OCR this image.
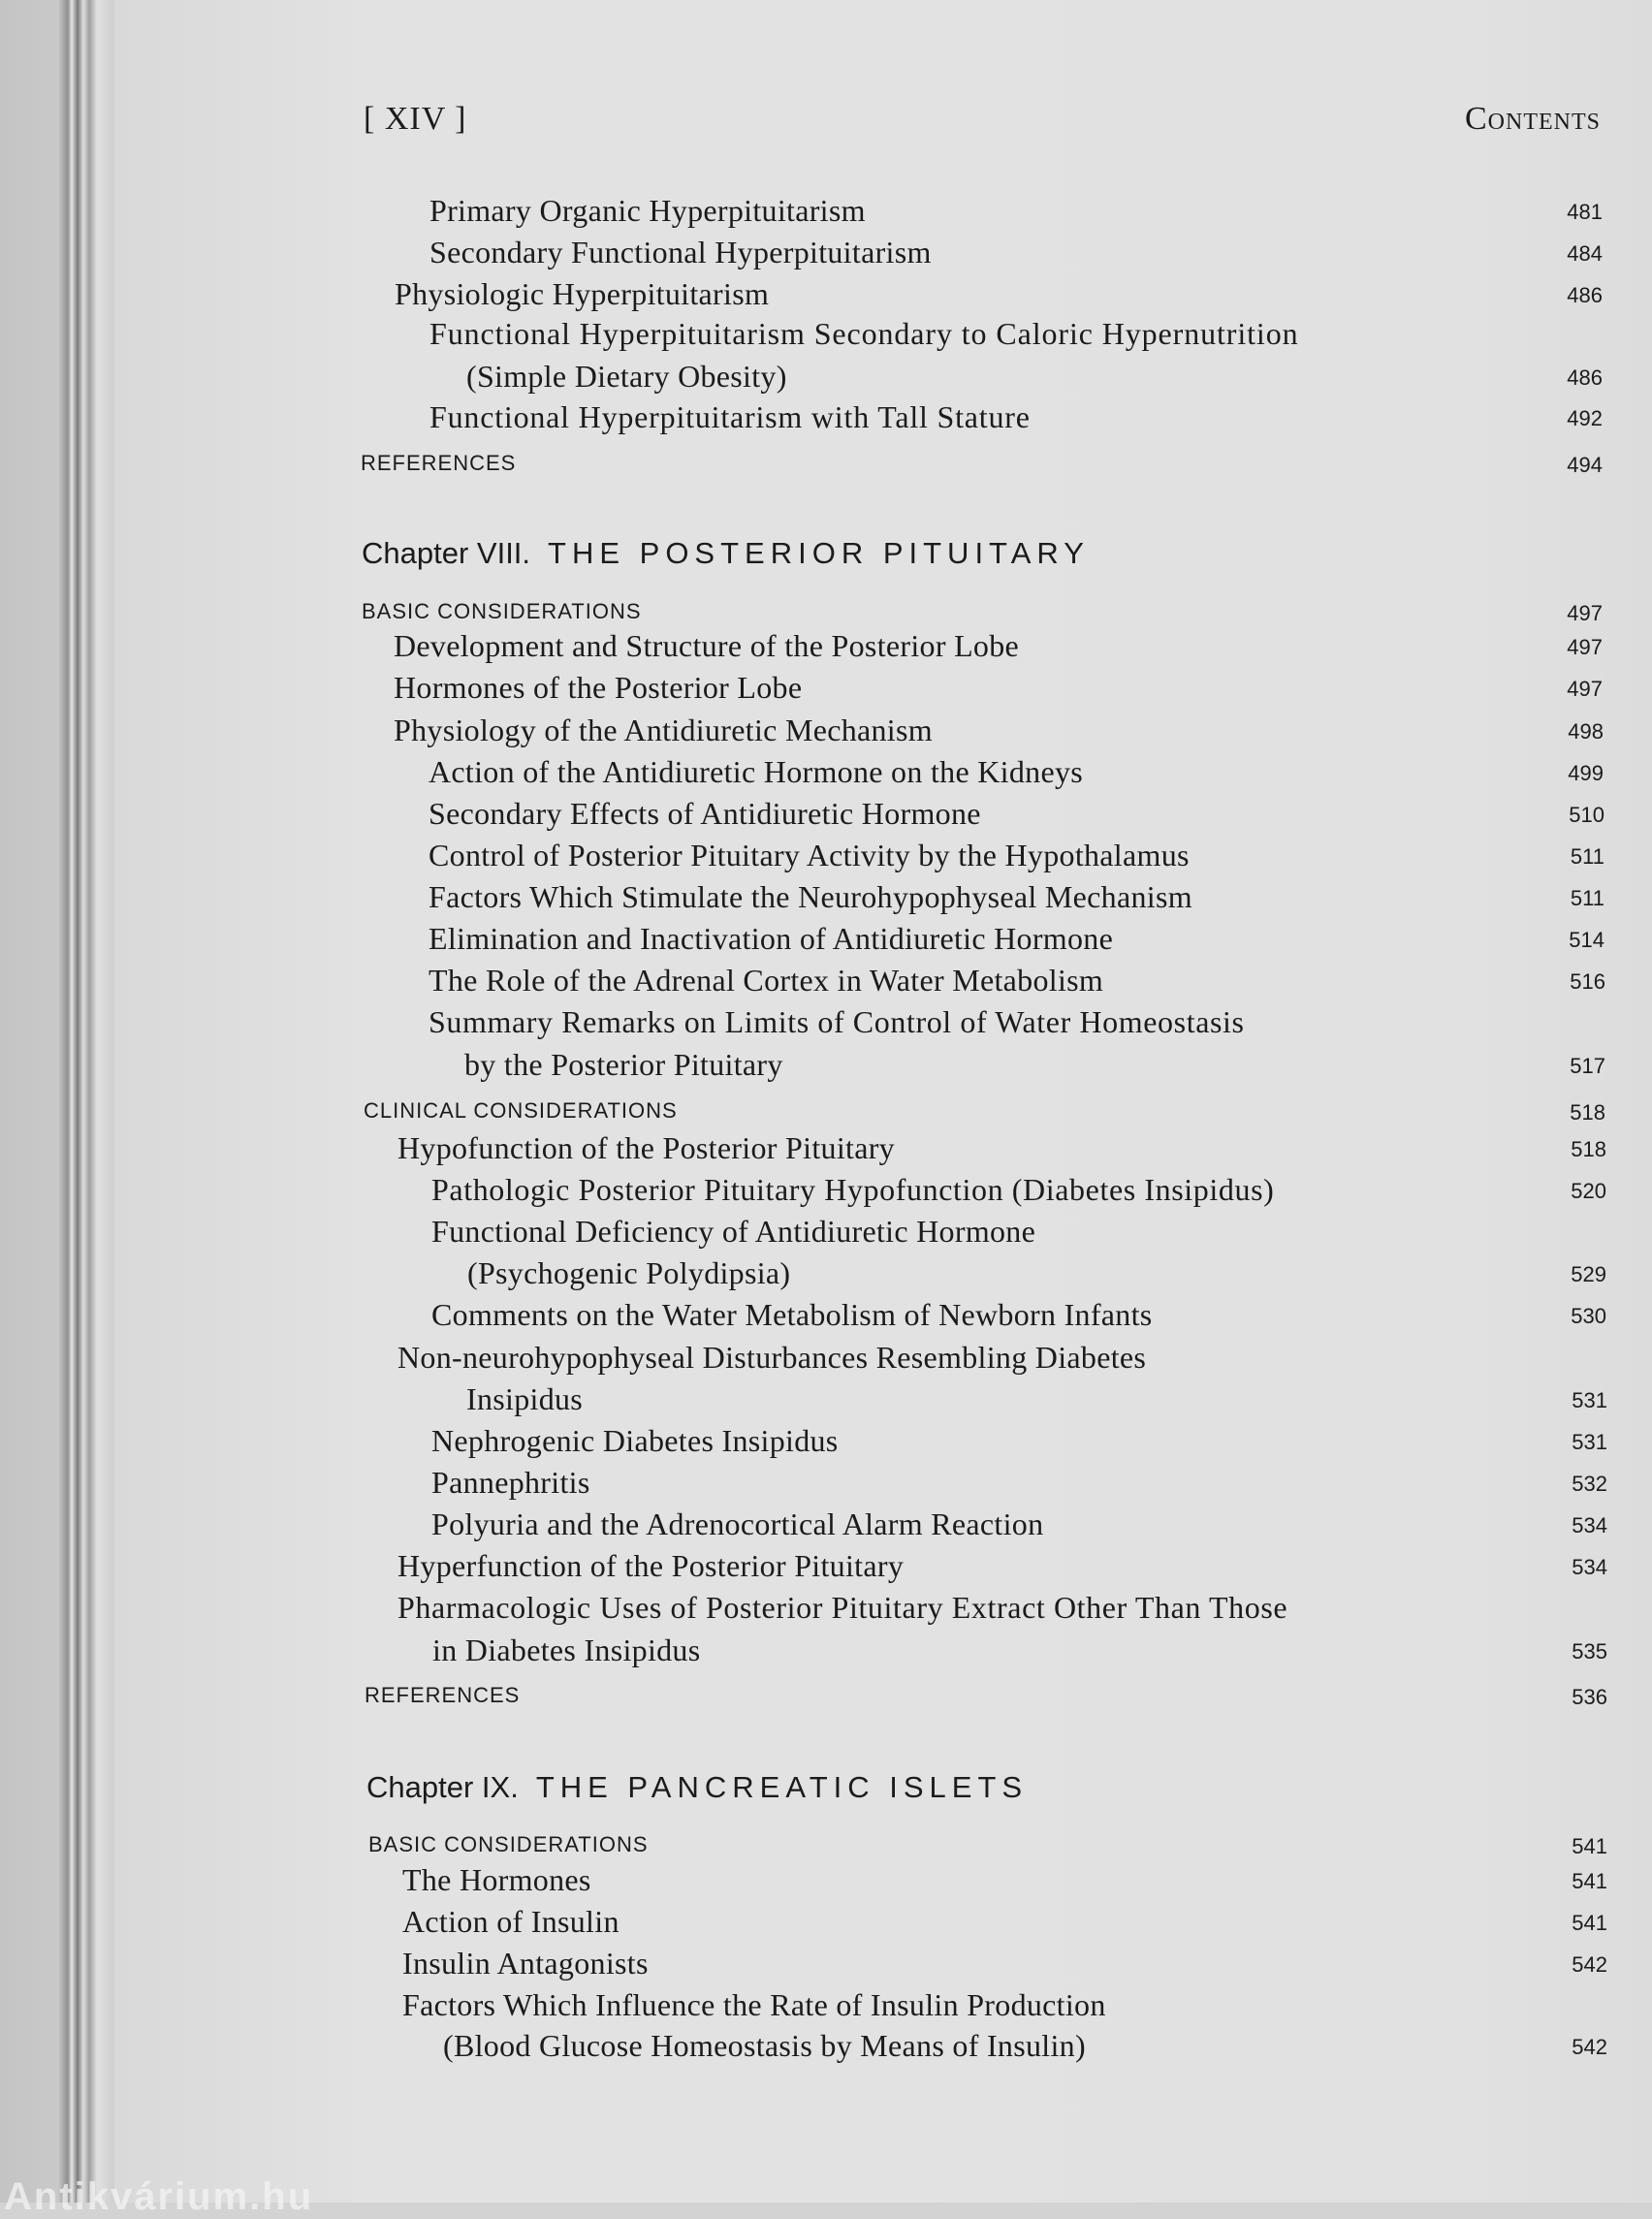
[ XIV ]	Contents
Primary Organic Hyperpituitarism	481
Secondary Functional Hyperpituitarism	484
Physiologic Hyperpituitarism	486
Functional Hyperpituitarism Secondary to Caloric Hypernutrition
(Simple Dietary Obesity)	486
Functional Hyperpituitarism with Tall Stature	492
REFERENCES	494
Chapter VIII. THE POSTERIOR PITUITARY
BASIC CONSIDERATIONS	497
Development and Structure of the Posterior Lobe	497
Hormones of the Posterior Lobe	497
Physiology of the Antidiuretic Mechanism	498
Action of the Antidiuretic Hormone on the Kidneys	499
Secondary Effects of Antidiuretic Hormone	510
Control of Posterior Pituitary Activity by the Hypothalamus	511
Factors Which Stimulate the Neurohypophyseal Mechanism	511
Elimination and Inactivation of Antidiuretic Hormone	514
The Role of the Adrenal Cortex in Water Metabolism	516
Summary Remarks on Limits of Control of Water Homeostasis
by the Posterior Pituitary	517
CLINICAL CONSIDERATIONS	518
Hypofunction of the Posterior Pituitary	518
Pathologic Posterior Pituitary Hypofunction (Diabetes Insipidus)	520
Functional Deficiency of Antidiuretic Hormone
(Psychogenic Polydipsia)	529
Comments on the Water Metabolism of Newborn Infants	530
Non-neurohypophyseal Disturbances Resembling Diabetes
Insipidus	531
Nephrogenic Diabetes Insipidus	531
Pannephritis	532
Polyuria and the Adrenocortical Alarm Reaction	534
Hyperfunction of the Posterior Pituitary	534
Pharmacologic Uses of Posterior Pituitary Extract Other Than Those
in Diabetes Insipidus	535
REFERENCES	536
Chapter IX. THE PANCREATIC ISLETS
BASIC CONSIDERATIONS	541
The Hormones	541
Action of Insulin	541
Insulin Antagonists	542
Factors Which Influence the Rate of Insulin Production
(Blood Glucose Homeostasis by Means of Insulin)	542
Antikvárium.hu
